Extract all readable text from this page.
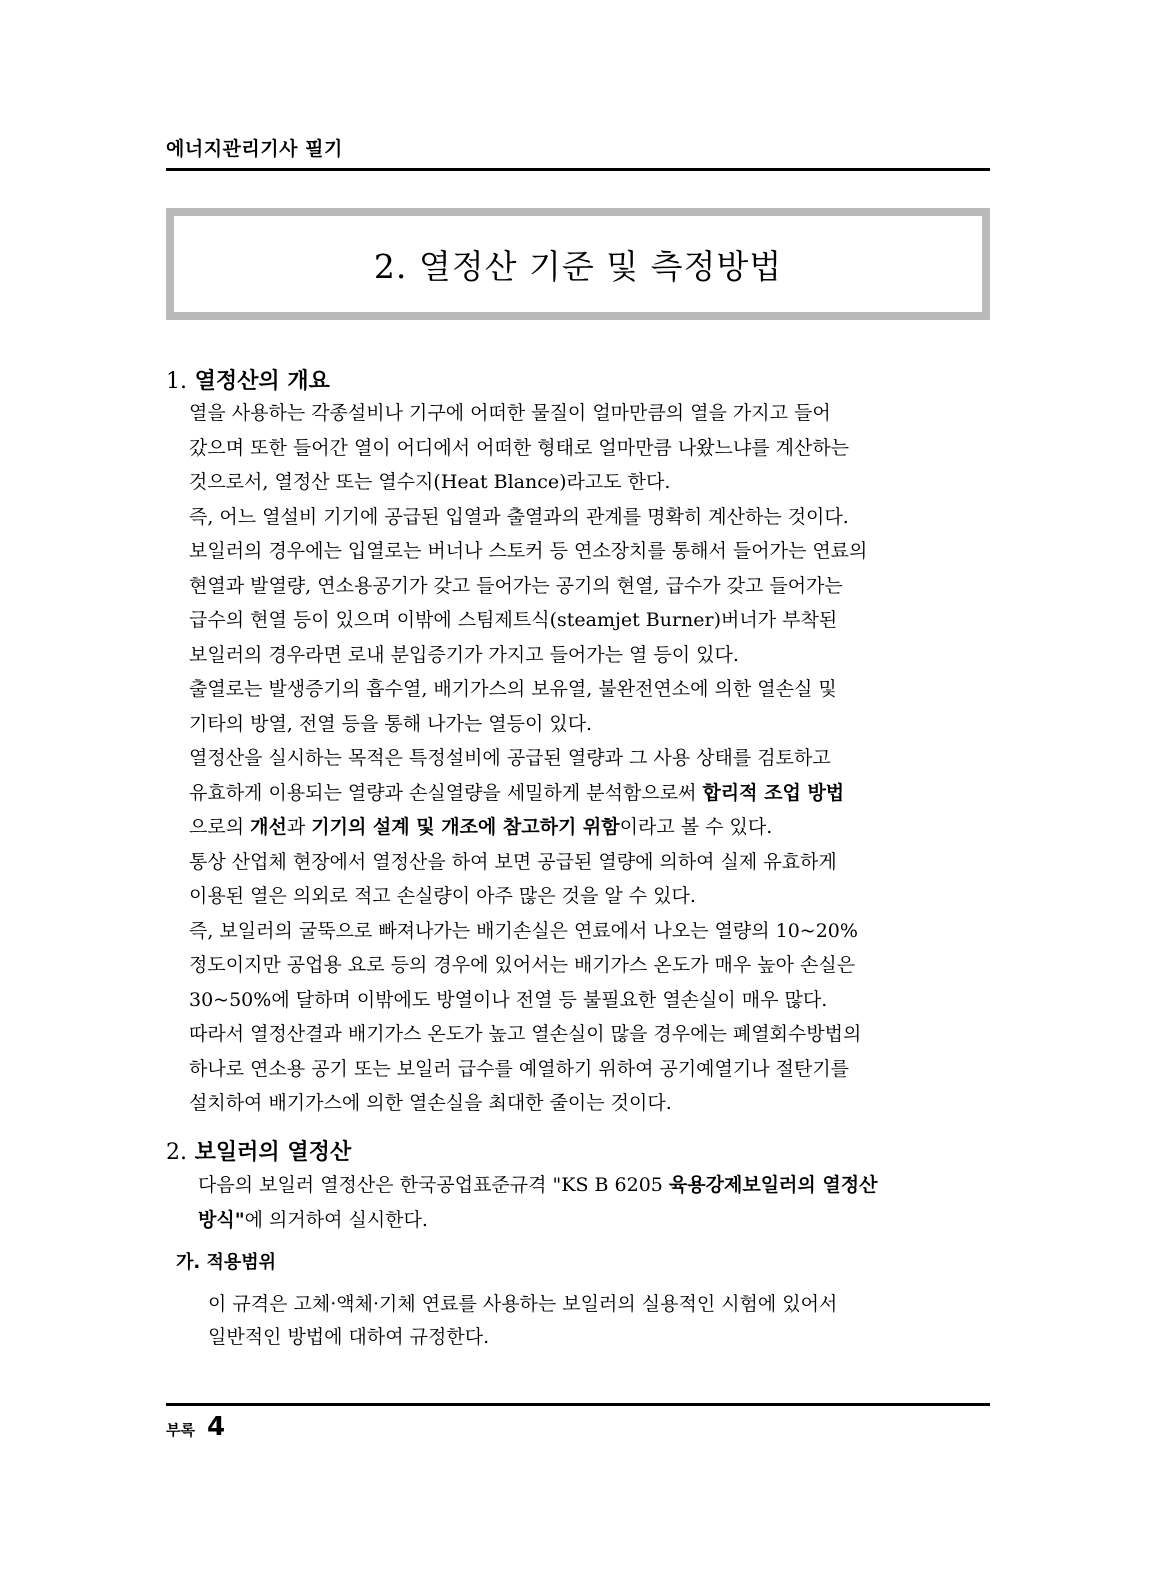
에너지관리기사 필기
2. 열정산 기준 및 측정방법
1. 열정산의 개요
열을 사용하는 각종설비나 기구에 어떠한 물질이 얼마만큼의 열을 가지고 들어
갔으며 또한 들어간 열이 어디에서 어떠한 형태로 얼마만큼 나왔느냐를 계산하는
것으로서, 열정산 또는 열수지(Heat Blance)라고도 한다.
즉, 어느 열설비 기기에 공급된 입열과 출열과의 관계를 명확히 계산하는 것이다.
보일러의 경우에는 입열로는 버너나 스토커 등 연소장치를 통해서 들어가는 연료의
현열과 발열량, 연소용공기가 갖고 들어가는 공기의 현열, 급수가 갖고 들어가는
급수의 현열 등이 있으며 이밖에 스팀제트식(steamjet Burner)버너가 부착된
보일러의 경우라면 로내 분입증기가 가지고 들어가는 열 등이 있다.
출열로는 발생증기의 흡수열, 배기가스의 보유열, 불완전연소에 의한 열손실 및
기타의 방열, 전열 등을 통해 나가는 열등이 있다.
열정산을 실시하는 목적은 특정설비에 공급된 열량과 그 사용 상태를 검토하고
유효하게 이용되는 열량과 손실열량을 세밀하게 분석함으로써 합리적 조업 방법
으로의 개선과 기기의 설계 및 개조에 참고하기 위함이라고 볼 수 있다.
통상 산업체 현장에서 열정산을 하여 보면 공급된 열량에 의하여 실제 유효하게
이용된 열은 의외로 적고 손실량이 아주 많은 것을 알 수 있다.
즉, 보일러의 굴뚝으로 빠져나가는 배기손실은 연료에서 나오는 열량의 10~20%
정도이지만 공업용 요로 등의 경우에 있어서는 배기가스 온도가 매우 높아 손실은
30~50%에 달하며 이밖에도 방열이나 전열 등 불필요한 열손실이 매우 많다.
따라서 열정산결과 배기가스 온도가 높고 열손실이 많을 경우에는 폐열회수방법의
하나로 연소용 공기 또는 보일러 급수를 예열하기 위하여 공기예열기나 절탄기를
설치하여 배기가스에 의한 열손실을 최대한 줄이는 것이다.
2. 보일러의 열정산
다음의 보일러 열정산은 한국공업표준규격 "KS B 6205 육용강제보일러의 열정산
방식"에 의거하여 실시한다.
가. 적용범위
이 규격은 고체·액체·기체 연료를 사용하는 보일러의 실용적인 시험에 있어서
일반적인 방법에 대하여 규정한다.
부록 4
